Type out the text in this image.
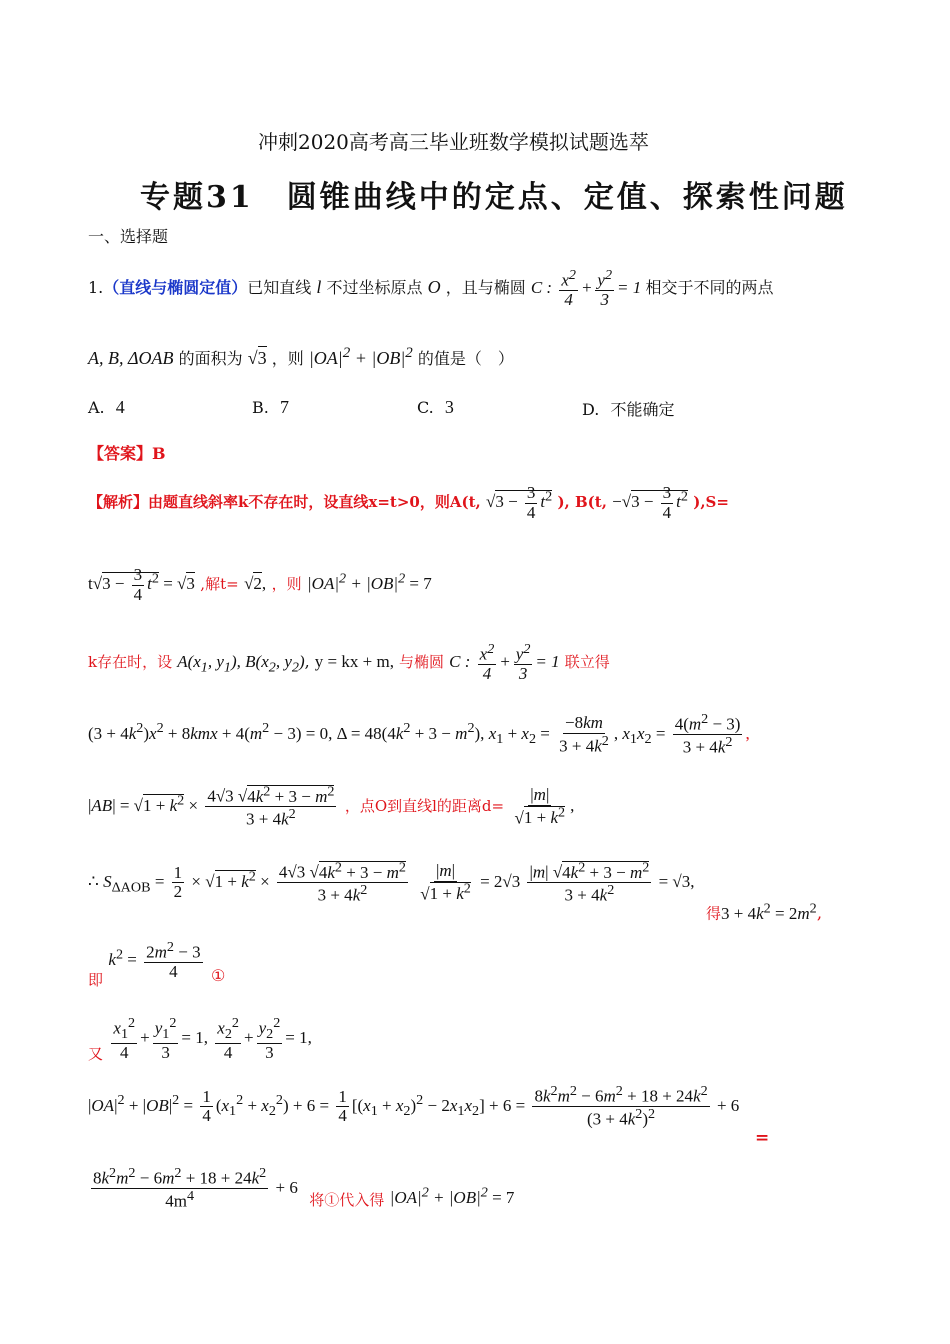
冲刺2020高考高三毕业班数学模拟试题选萃
专题31　圆锥曲线中的定点、定值、探索性问题
一、选择题
1.（直线与椭圆定值）已知直线 l 不过坐标原点 O ，且与椭圆 C : $\frac{x^2}{4} + \frac{y^2}{3} = 1$ 相交于不同的两点
A, B, ΔOAB 的面积为 √3 ，则 $|OA|^2 + |OB|^2$ 的值是（　）
A. 4	B. 7	C. 3	D. 不能确定
【答案】B
【解析】由题直线斜率k不存在时，设直线x=t>0，则A(t, $√3 - \frac{3}{4} t^2$ ), B(t, $-√3 - \frac{3}{4} t^2$ ),S=
$t√3 - \frac{3}{4} t^2 = √3$ ,解t= √2, ，则 $|OA|^2 + |OB|^2 = 7$
k存在时，设 $A(x_1$, $y_1$), $B(x_2$, $y_2$), y = kx + m, 与椭圆 C : $\frac{x^2}{4} + \frac{y^2}{3} = 1$ 联立得
$(3 + 4k^2)x^2 + 8kmx + 4(m^2 - 3) = 0$, $\Delta = 48(4k^2 + 3 - m^2)$, $x_1 + x_2 = \frac{-8km}{3 + 4k^2}$ , $x_1x_2 = \frac{4(m^2 - 3)}{3 + 4k^2}$ ,
$|AB| = √1 + k^2 \times \frac{4√3 √4k^2 + 3 - m^2}{3 + 4k^2}$ ，点O到直线l的距离$d= \frac{|m|}{√1 + k^2}$ ,
∴ $S_{\Delta AOB} = \frac{1}{2} \times √1 + k^2 \times \frac{4√3 √4k^2 + 3 - m^2}{3 + 4k^2}$
$\frac{|m|}{√1 + k^2} = 2√3 \frac{|m| √4k^2 + 3 - m^2}{3 + 4k^2} = √3$,
得$3 + 4k^2 = 2m^2$,
即 $k^2 = \frac{2m^2 - 3}{4}$ ①
又 $\frac{x_1^2}{4} + \frac{y_1^2}{3} = 1$, $\frac{x_2^2}{4} + \frac{y_2^2}{3} = 1$,
$|OA|^2 + |OB|^2 = \frac{1}{4} (x_1^2 + x_2^2) + 6 = \frac{1}{4} [(x_1 + x_2)^2 - 2x_1x_2] + 6 = \frac{8k^2m^2 - 6m^2 + 18 + 24k^2}{(3 + 4k^2)^2} + 6$
=
$\frac{8k^2m^2 - 6m^2 + 18 + 24k^2}{4m^4} + 6$ 将①代入得 $|OA|^2 + |OB|^2 = 7$
